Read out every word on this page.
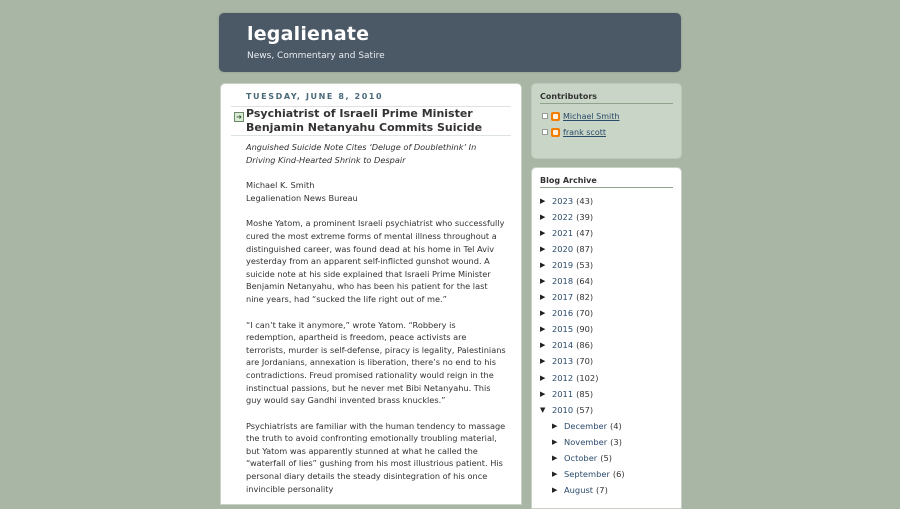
legalienate
News, Commentary and Satire
TUESDAY, JUNE 8, 2010
➜ Psychiatrist of Israeli Prime Minister Benjamin Netanyahu Commits Suicide

Anguished Suicide Note Cites ‘Deluge of Doublethink’ In Driving Kind-Hearted Shrink to Despair

Michael K. Smith
Legalienation News Bureau

Moshe Yatom, a prominent Israeli psychiatrist who successfully cured the most extreme forms of mental illness throughout a distinguished career, was found dead at his home in Tel Aviv yesterday from an apparent self-inflicted gunshot wound. A suicide note at his side explained that Israeli Prime Minister Benjamin Netanyahu, who has been his patient for the last nine years, had “sucked the life right out of me.”

“I can’t take it anymore,” wrote Yatom. “Robbery is redemption, apartheid is freedom, peace activists are terrorists, murder is self-defense, piracy is legality, Palestinians are Jordanians, annexation is liberation, there’s no end to his contradictions. Freud promised rationality would reign in the instinctual passions, but he never met Bibi Netanyahu. This guy would say Gandhi invented brass knuckles.”

Psychiatrists are familiar with the human tendency to massage the truth to avoid confronting emotionally troubling material, but Yatom was apparently stunned at what he called the “waterfall of lies” gushing from his most illustrious patient. His personal diary details the steady disintegration of his once invincible personality

Contributors
Michael Smith
frank scott
Blog Archive
▶ 2023 (43)
▶ 2022 (39)
▶ 2021 (47)
▶ 2020 (87)
▶ 2019 (53)
▶ 2018 (64)
▶ 2017 (82)
▶ 2016 (70)
▶ 2015 (90)
▶ 2014 (86)
▶ 2013 (70)
▶ 2012 (102)
▶ 2011 (85)
▼ 2010 (57)
▶ December (4)
▶ November (3)
▶ October (5)
▶ September (6)
▶ August (7)
